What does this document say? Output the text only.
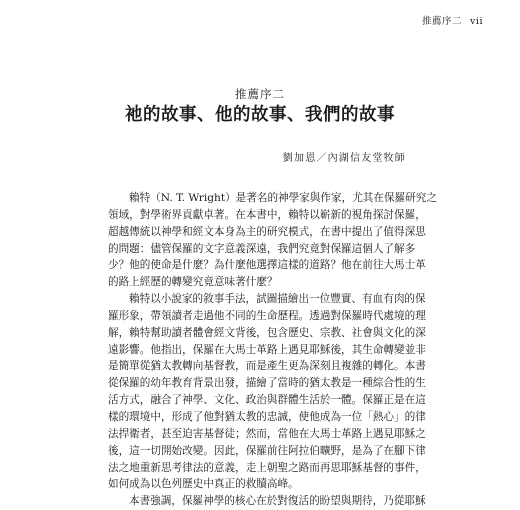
推薦序二 vii
推薦序二
祂的故事、他的故事、我們的故事
劉加恩／內湖信友堂牧師
賴特（N. T. Wright）是著名的神學家與作家，尤其在保羅研究之
領域，對學術界貢獻卓著。在本書中，賴特以嶄新的視角探討保羅，
超越傳統以神學和經文本身為主的研究模式，在書中提出了值得深思
的問題：儘管保羅的文字意義深遠，我們究竟對保羅這個人了解多
少？他的使命是什麼？為什麼他選擇這樣的道路？他在前往大馬士革
的路上經歷的轉變究竟意味著什麼？
賴特以小說家的敘事手法，試圖描繪出一位豐實、有血有肉的保
羅形象，帶領讀者走過他不同的生命歷程。透過對保羅時代處境的理
解，賴特幫助讀者體會經文背後，包含歷史、宗教、社會與文化的深
遠影響。他指出，保羅在大馬士革路上遇見耶穌後，其生命轉變並非
是簡單從猶太教轉向基督教，而是產生更為深刻且複雜的轉化。本書
從保羅的幼年教育背景出發，描繪了當時的猶太教是一種綜合性的生
活方式，融合了神學、文化、政治與群體生活於一體。保羅正是在這
樣的環境中，形成了他對猶太教的忠誠，使他成為一位「熱心」的律
法捍衛者，甚至迫害基督徒；然而，當他在大馬士革路上遇見耶穌之
後，這一切開始改變。因此，保羅前往阿拉伯曠野，是為了在腳下律
法之地重新思考律法的意義，走上朝聖之路而再思耶穌基督的事件，
如何成為以色列歷史中真正的救贖高峰。
本書強調，保羅神學的核心在於對復活的盼望與期待，乃從耶穌
